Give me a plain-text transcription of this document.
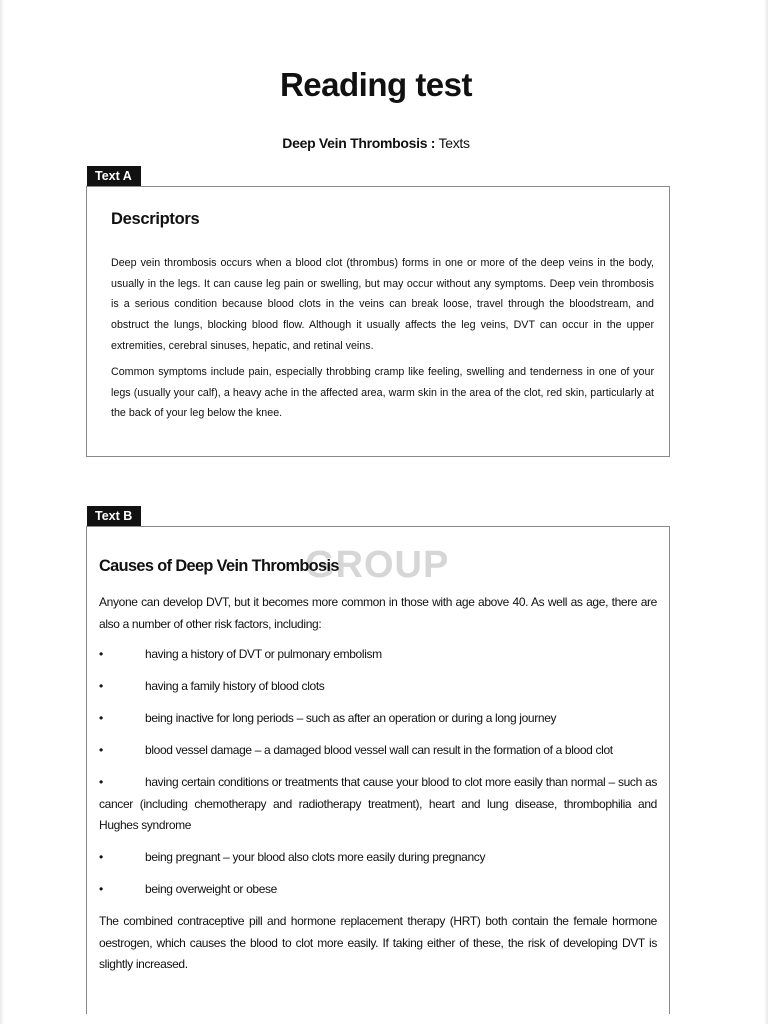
Reading test
Deep Vein Thrombosis : Texts
Text A
Descriptors

Deep vein thrombosis occurs when a blood clot (thrombus) forms in one or more of the deep veins in the body, usually in the legs. It can cause leg pain or swelling, but may occur without any symptoms. Deep vein thrombosis is a serious condition because blood clots in the veins can break loose, travel through the bloodstream, and obstruct the lungs, blocking blood flow. Although it usually affects the leg veins, DVT can occur in the upper extremities, cerebral sinuses, hepatic, and retinal veins.

Common symptoms include pain, especially throbbing cramp like feeling, swelling and tenderness in one of your legs (usually your calf), a heavy ache in the affected area, warm skin in the area of the clot, red skin, particularly at the back of your leg below the knee.

Text B
GROUP
Causes of Deep Vein Thrombosis

Anyone can develop DVT, but it becomes more common in those with age above 40. As well as age, there are also a number of other risk factors, including:

•	having a history of DVT or pulmonary embolism

•	having a family history of blood clots

•	being inactive for long periods – such as after an operation or during a long journey

•	blood vessel damage – a damaged blood vessel wall can result in the formation of a blood clot

•	having certain conditions or treatments that cause your blood to clot more easily than normal – such as cancer (including chemotherapy and radiotherapy treatment), heart and lung disease, thrombophilia and Hughes syndrome

•	being pregnant – your blood also clots more easily during pregnancy

•	being overweight or obese

The combined contraceptive pill and hormone replacement therapy (HRT) both contain the female hormone oestrogen, which causes the blood to clot more easily. If taking either of these, the risk of developing DVT is slightly increased.
